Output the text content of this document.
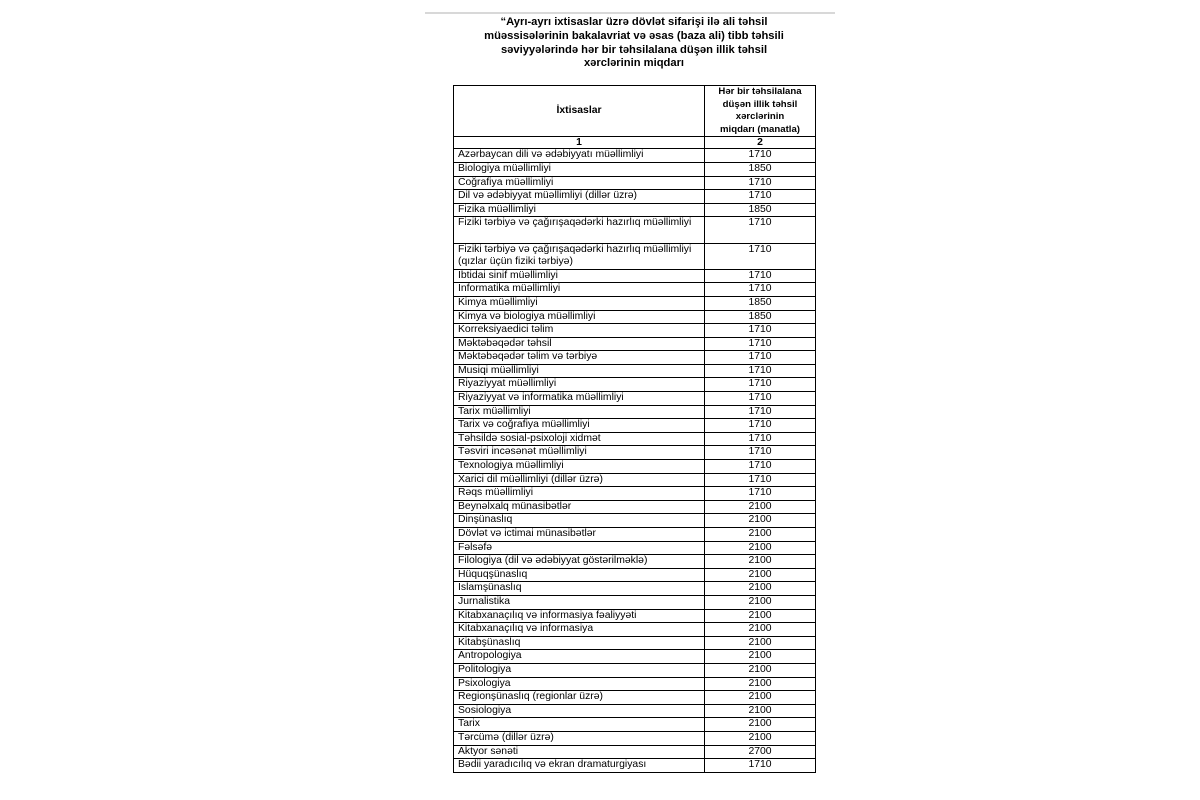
“Ayrı-ayrı ixtisaslar üzrə dövlət sifarişi ilə ali təhsil
müəssisələrinin bakalavriat və əsas (baza ali) tibb təhsili
səviyyələrində hər bir təhsilalana düşən illik təhsil
xərclərinin miqdarı
İxtisaslar	Hər bir təhsilalana
düşən illik təhsil
xərclərinin
miqdarı (manatla)

1	2
Azərbaycan dili və ədəbiyyatı müəllimliyi	1710
Biologiya müəllimliyi	1850
Coğrafiya müəllimliyi	1710
Dil və ədəbiyyat müəllimliyi (dillər üzrə)	1710
Fizika müəllimliyi	1850
Fiziki tərbiyə və çağırışaqədərki hazırlıq müəllimliyi	1710
Fiziki tərbiyə və çağırışaqədərki hazırlıq müəllimliyi (qızlar üçün fiziki tərbiyə)	1710
İbtidai sinif müəllimliyi	1710
İnformatika müəllimliyi	1710
Kimya müəllimliyi	1850
Kimya və biologiya müəllimliyi	1850
Korreksiyaedici təlim	1710
Məktəbəqədər təhsil	1710
Məktəbəqədər təlim və tərbiyə	1710
Musiqi müəllimliyi	1710
Riyaziyyat müəllimliyi	1710
Riyaziyyat və informatika müəllimliyi	1710
Tarix müəllimliyi	1710
Tarix və coğrafiya müəllimliyi	1710
Təhsildə sosial-psixoloji xidmət	1710
Təsviri incəsənət müəllimliyi	1710
Texnologiya müəllimliyi	1710
Xarici dil müəllimliyi (dillər üzrə)	1710
Rəqs müəllimliyi	1710
Beynəlxalq münasibətlər	2100
Dinşünaslıq	2100
Dövlət və ictimai münasibətlər	2100
Fəlsəfə	2100
Filologiya (dil və ədəbiyyat göstərilməklə)	2100
Hüquqşünaslıq	2100
İslamşünaslıq	2100
Jurnalistika	2100
Kitabxanaçılıq və informasiya fəaliyyəti	2100
Kitabxanaçılıq və informasiya	2100
Kitabşünaslıq	2100
Antropologiya	2100
Politologiya	2100
Psixologiya	2100
Regionşünaslıq (regionlar üzrə)	2100
Sosiologiya	2100
Tarix	2100
Tərcümə (dillər üzrə)	2100
Aktyor sənəti	2700
Bədii yaradıcılıq və ekran dramaturgiyası	1710
